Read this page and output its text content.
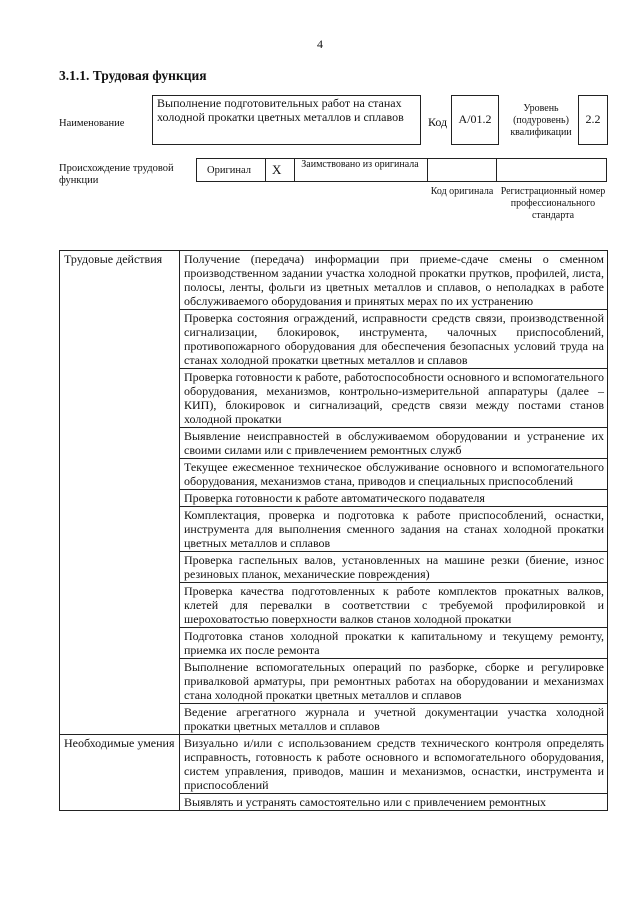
4
3.1.1. Трудовая функция
Наименование
Выполнение подготовительных работ на станах холодной прокатки цветных металлов и сплавов	Код A/01.2
Уровень (подуровень) квалификации
2.2
Происхождение трудовой функции
Оригинал X Заимствовано из оригинала
Код оригинала Регистрационный номер профессионального стандарта
Трудовые действия	Получение (передача) информации при приеме-сдаче смены о сменном производственном задании участка холодной прокатки прутков, профилей, листа, полосы, ленты, фольги из цветных металлов и сплавов, о неполадках в работе обслуживаемого оборудования и принятых мерах по их устранению
	Проверка состояния ограждений, исправности средств связи, производственной сигнализации, блокировок, инструмента, чалочных приспособлений, противопожарного оборудования для обеспечения безопасных условий труда на станах холодной прокатки цветных металлов и сплавов
	Проверка готовности к работе, работоспособности основного и вспомогательного оборудования, механизмов, контрольно-измерительной аппаратуры (далее – КИП), блокировок и сигнализаций, средств связи между постами станов холодной прокатки
	Выявление неисправностей в обслуживаемом оборудовании и устранение их своими силами или с привлечением ремонтных служб
	Текущее ежесменное техническое обслуживание основного и вспомогательного оборудования, механизмов стана, приводов и специальных приспособлений
	Проверка готовности к работе автоматического подавателя
	Комплектация, проверка и подготовка к работе приспособлений, оснастки, инструмента для выполнения сменного задания на станах холодной прокатки цветных металлов и сплавов
	Проверка гаспельных валов, установленных на машине резки (биение, износ резиновых планок, механические повреждения)
	Проверка качества подготовленных к работе комплектов прокатных валков, клетей для перевалки в соответствии с требуемой профилировкой и шероховатостью поверхности валков станов холодной прокатки
	Подготовка станов холодной прокатки к капитальному и текущему ремонту, приемка их после ремонта
	Выполнение вспомогательных операций по разборке, сборке и регулировке привалковой арматуры, при ремонтных работах на оборудовании и механизмах стана холодной прокатки цветных металлов и сплавов
	Ведение агрегатного журнала и учетной документации участка холодной прокатки цветных металлов и сплавов
Необходимые умения	Визуально и/или с использованием средств технического контроля определять исправность, готовность к работе основного и вспомогательного оборудования, систем управления, приводов, машин и механизмов, оснастки, инструмента и приспособлений
	Выявлять и устранять самостоятельно или с привлечением ремонтных
